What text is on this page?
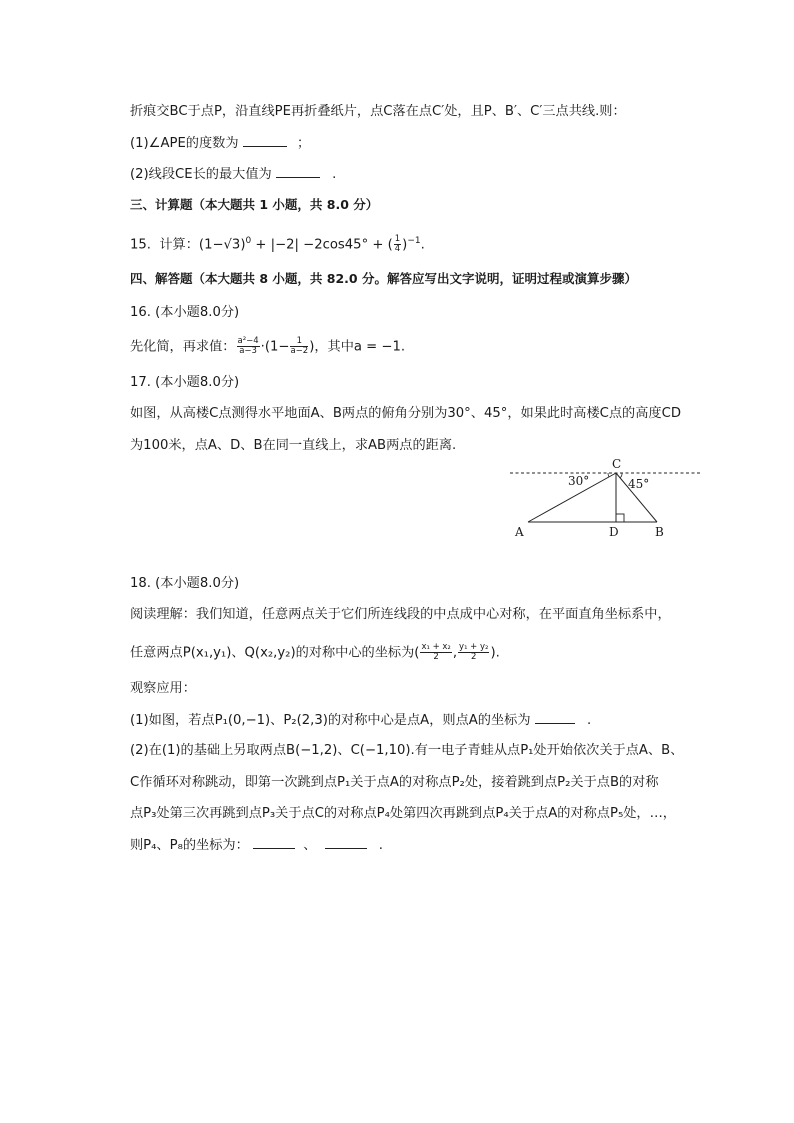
折痕交BC于点P，沿直线PE再折叠纸片，点C落在点C′处，且P、B′、C′三点共线.则：
(1)∠APE的度数为	；
(2)线段CE长的最大值为	.
三、计算题（本大题共 1 小题，共 8.0 分）
15. 计算：$(1-√3)^0 + |-2| -2\cos 45^\circ$ + ( $\frac{1}{4} )^{-1}$.
四、解答题（本大题共 8 小题，共 82.0 分。解答应写出文字说明，证明过程或演算步骤）
16. (本小题8.0分)
先化简，再求值： $\frac{\text{a²−4}}{a-3} \cdot(1- \frac{1}{a-2}$ )，其中a = −1.
17. (本小题8.0分)
如图，从高楼C点测得水平地面A、B两点的俯角分别为30°、45°，如果此时高楼C点的高度CD
为100米，点A、D、B在同一直线上，求AB两点的距离.
C
A	D	B
30°	45°
18. (本小题8.0分)
阅读理解：我们知道，任意两点关于它们所连线段的中点成中心对称，在平面直角坐标系中，
任意两点P(x₁,y₁)、Q(x₂,y₂)的对称中心的坐标为( $\frac{\text{x₁ + x₂}}{2}$ , $\frac{\text{y₁ + y₂}}{2}$ ).
观察应用：
(1)如图，若点P₁(0,−1)、P₂(2,3)的对称中心是点A，则点A的坐标为	.
(2)在(1)的基础上另取两点B(−1,2)、C(−1,10).有一电子青蛙从点P₁处开始依次关于点A、B、
C作循环对称跳动，即第一次跳到点P₁关于点A的对称点P₂处，接着跳到点P₂关于点B的对称
点P₃处第三次再跳到点P₃关于点C的对称点P₄处第四次再跳到点P₄关于点A的对称点P₅处，…，
则P₄、P₈的坐标为：	、	.
